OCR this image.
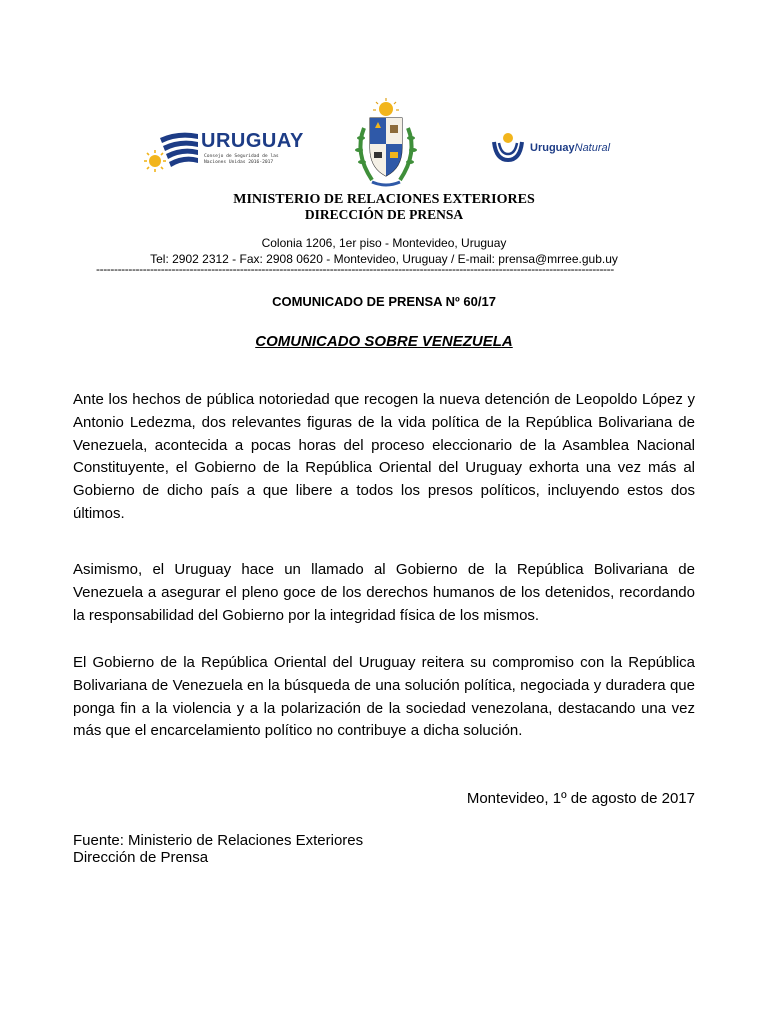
URUGUAY
Consejo de Seguridad de las Naciones Unidas 2016-2017
UruguayNatural
MINISTERIO DE RELACIONES EXTERIORES
DIRECCIÓN DE PRENSA
Colonia 1206, 1er piso - Montevideo, Uruguay
Tel: 2902 2312 - Fax: 2908 0620 - Montevideo, Uruguay / E-mail: prensa@mrree.gub.uy
------------------------------------------------------------------------------------------------------------------------------------------------
COMUNICADO DE PRENSA Nº 60/17
COMUNICADO SOBRE VENEZUELA
Ante los hechos de pública notoriedad que recogen la nueva detención de Leopoldo López y Antonio Ledezma, dos relevantes figuras de la vida política de la República Bolivariana de Venezuela, acontecida a pocas horas del proceso eleccionario de la Asamblea Nacional Constituyente, el Gobierno de la República Oriental del Uruguay exhorta una vez más al Gobierno de dicho país a que libere a todos los presos políticos, incluyendo estos dos últimos.
Asimismo, el Uruguay hace un llamado al Gobierno de la República Bolivariana de Venezuela a asegurar el pleno goce de los derechos humanos de los detenidos, recordando la responsabilidad del Gobierno por la integridad física de los mismos.
El Gobierno de la República Oriental del Uruguay reitera su compromiso con la República Bolivariana de Venezuela en la búsqueda de una solución política, negociada y duradera que ponga fin a la violencia y a la polarización de la sociedad venezolana, destacando una vez más que el encarcelamiento político no contribuye a dicha solución.
Montevideo, 1º de agosto de 2017
Fuente: Ministerio de Relaciones Exteriores
Dirección de Prensa
